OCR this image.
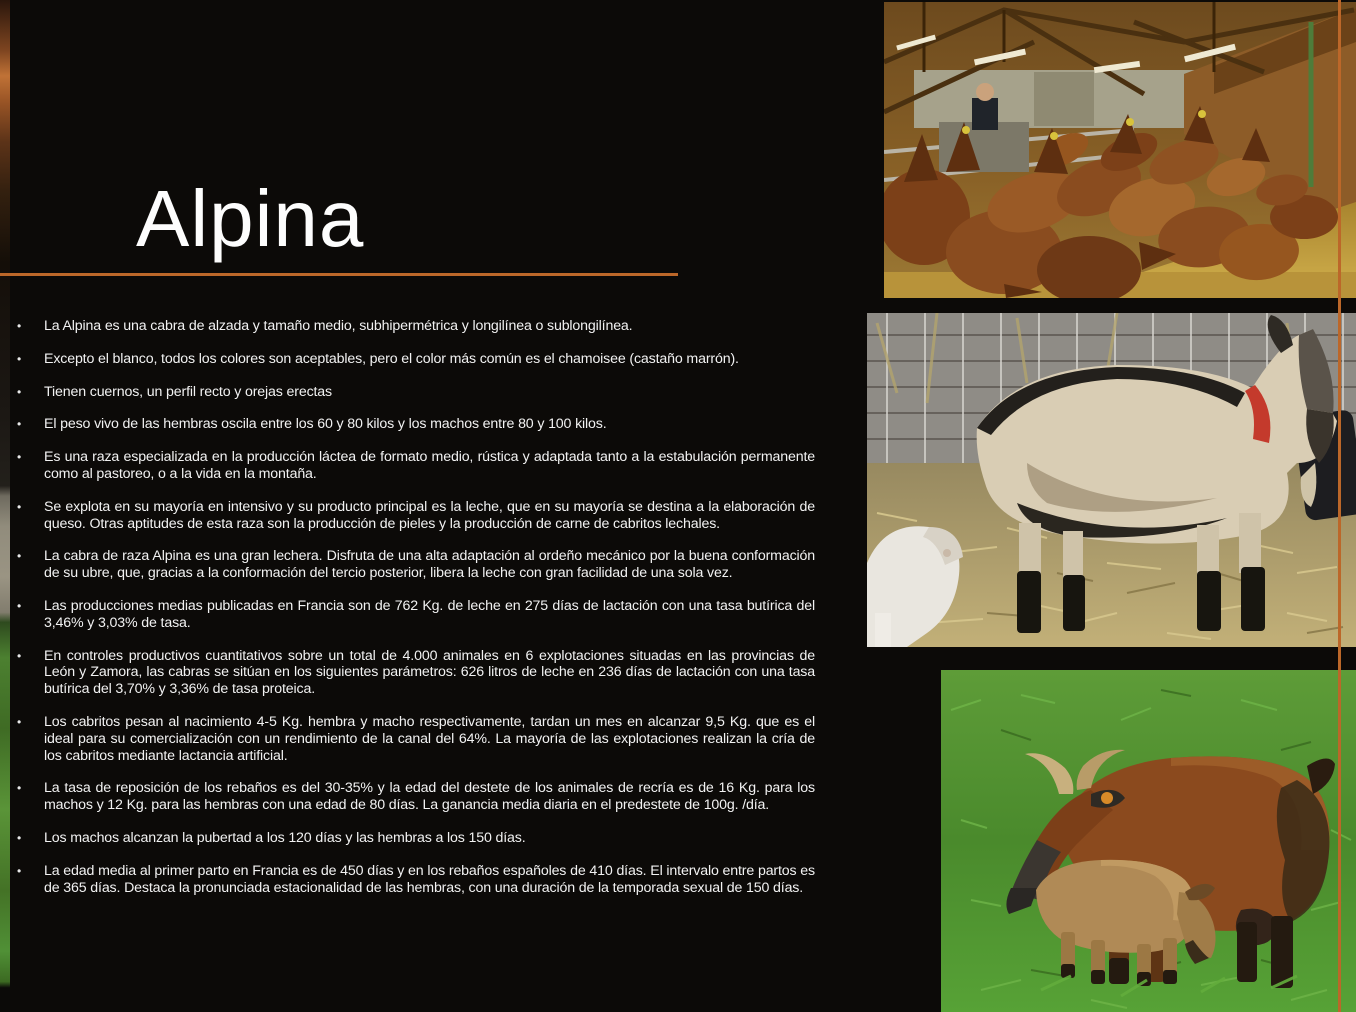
Alpina
• La Alpina es una cabra de alzada y tamaño medio, subhipermétrica y longilínea o sublongilínea.
• Excepto el blanco, todos los colores son aceptables, pero el color más común es el chamoisee (castaño marrón).
• Tienen cuernos, un perfil recto y orejas erectas
• El peso vivo de las hembras oscila entre los 60 y 80 kilos y los machos entre 80 y 100 kilos.
• Es una raza especializada en la producción láctea de formato medio, rústica y adaptada tanto a la estabulación permanente como al pastoreo, o a la vida en la montaña.
• Se explota en su mayoría en intensivo y su producto principal es la leche, que en su mayoría se destina a la elaboración de queso. Otras aptitudes de esta raza son la producción de pieles y la producción de carne de cabritos lechales.
• La cabra de raza Alpina es una gran lechera. Disfruta de una alta adaptación al ordeño mecánico por la buena conformación de su ubre, que, gracias a la conformación del tercio posterior, libera la leche con gran facilidad de una sola vez.
• Las producciones medias publicadas en Francia son de 762 Kg. de leche en 275 días de lactación con una tasa butírica del 3,46% y 3,03% de tasa.
• En controles productivos cuantitativos sobre un total de 4.000 animales en 6 explotaciones situadas en las provincias de León y Zamora, las cabras se sitúan en los siguientes parámetros: 626 litros de leche en 236 días de lactación con una tasa butírica del 3,70% y 3,36% de tasa proteica.
• Los cabritos pesan al nacimiento 4-5 Kg. hembra y macho respectivamente, tardan un mes en alcanzar 9,5 Kg. que es el ideal para su comercialización con un rendimiento de la canal del 64%. La mayoría de las explotaciones realizan la cría de los cabritos mediante lactancia artificial.
• La tasa de reposición de los rebaños es del 30-35% y la edad del destete de los animales de recría es de 16 Kg. para los machos y 12 Kg. para las hembras con una edad de 80 días. La ganancia media diaria en el predestete de 100g. /día.
• Los machos alcanzan la pubertad a los 120 días y las hembras a los 150 días.
• La edad media al primer parto en Francia es de 450 días y en los rebaños españoles de 410 días. El intervalo entre partos es de 365 días. Destaca la pronunciada estacionalidad de las hembras, con una duración de la temporada sexual de 150 días.
